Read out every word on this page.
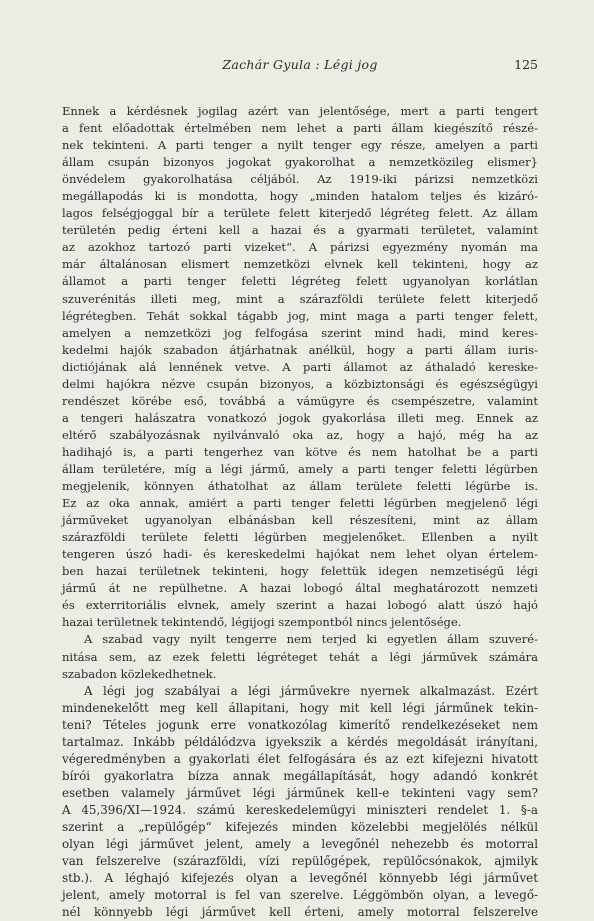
Zachár Gyula : Légi jog	125
Ennek a kérdésnek jogilag azért van jelentősége, mert a parti tengert
a fent előadottak értelmében nem lehet a parti állam kiegészítő részé-
nek tekinteni. A parti tenger a nyilt tenger egy része, amelyen a parti
állam csupán bizonyos jogokat gyakorolhat a nemzetközileg elismer}
önvédelem gyakorolhatása céljából. Az 1919-iki párizsi nemzetközi
megállapodás ki is mondotta, hogy „minden hatalom teljes és kizáró-
lagos felségjoggal bír a területe felett kiterjedő légréteg felett. Az állam
területén pedig érteni kell a hazai és a gyarmati területet, valamint
az azokhoz tartozó parti vizeket“. A párizsi egyezmény nyomán ma
már általánosan elismert nemzetközi elvnek kell tekinteni, hogy az
államot a parti tenger feletti légréteg felett ugyanolyan korlátlan
szuverénitás illeti meg, mint a szárazföldi területe felett kiterjedő
légrétegben. Tehát sokkal tágabb jog, mint maga a parti tenger felett,
amelyen a nemzetközi jog felfogása szerint mind hadi, mind keres-
kedelmi hajók szabadon átjárhatnak anélkül, hogy a parti állam iuris-
dictiójának alá lennének vetve. A parti államot az áthaladó kereske-
delmi hajókra nézve csupán bizonyos, a közbiztonsági és egészségügyi
rendészet körébe eső, továbbá a vámügyre és csempészetre, valamint
a tengeri halászatra vonatkozó jogok gyakorlása illeti meg. Ennek az
eltérő szabályozásnak nyilvánvaló oka az, hogy a hajó, még ha az
hadihajó is, a parti tengerhez van kötve és nem hatolhat be a parti
állam területére, míg a légi jármű, amely a parti tenger feletti légürben
megjelenik, könnyen áthatolhat az állam területe feletti légürbe is.
Ez az oka annak, amiért a parti tenger feletti légürben megjelenő légi
járműveket ugyanolyan elbánásban kell részesíteni, mint az állam
szárazföldi területe feletti légürben megjelenőket. Ellenben a nyilt
tengeren úszó hadi- és kereskedelmi hajókat nem lehet olyan értelem-
ben hazai területnek tekinteni, hogy felettük idegen nemzetiségű légi
jármű át ne repülhetne. A hazai lobogó által meghatározott nemzeti
és exterritoriális elvnek, amely szerint a hazai lobogó alatt úszó hajó
hazai területnek tekintendő, légijogi szempontból nincs jelentősége.
A szabad vagy nyilt tengerre nem terjed ki egyetlen állam szuveré-
nitása sem, az ezek feletti légréteget tehát a légi járművek számára
szabadon közlekedhetnek.
A légi jog szabályai a légi járművekre nyernek alkalmazást. Ezért
mindenekelőtt meg kell állapitani, hogy mit kell légi járműnek tekin-
teni? Tételes jogunk erre vonatkozólag kimerítő rendelkezéseket nem
tartalmaz. Inkább példálódzva igyekszik a kérdés megoldását irányítani,
végeredményben a gyakorlati élet felfogására és az ezt kifejezni hivatott
bírói gyakorlatra bízza annak megállapítását, hogy adandó konkrét
esetben valamely járművet légi járműnek kell-e tekinteni vagy sem?
A 45,396/XI—1924. számú kereskedelemügyi miniszteri rendelet 1. §-a
szerint a „repülőgép“ kifejezés minden közelebbi megjelölés nélkül
olyan légi járművet jelent, amely a levegőnél nehezebb és motorral
van felszerelve (szárazföldi, vízi repülőgépek, repülőcsónakok, ajmilyk
stb.). A léghajó kifejezés olyan a levegőnél könnyebb légi járművet
jelent, amely motorral is fel van szerelve. Léggömbön olyan, a levegő-
nél könnyebb légi járművet kell érteni, amely motorral felszerelve
